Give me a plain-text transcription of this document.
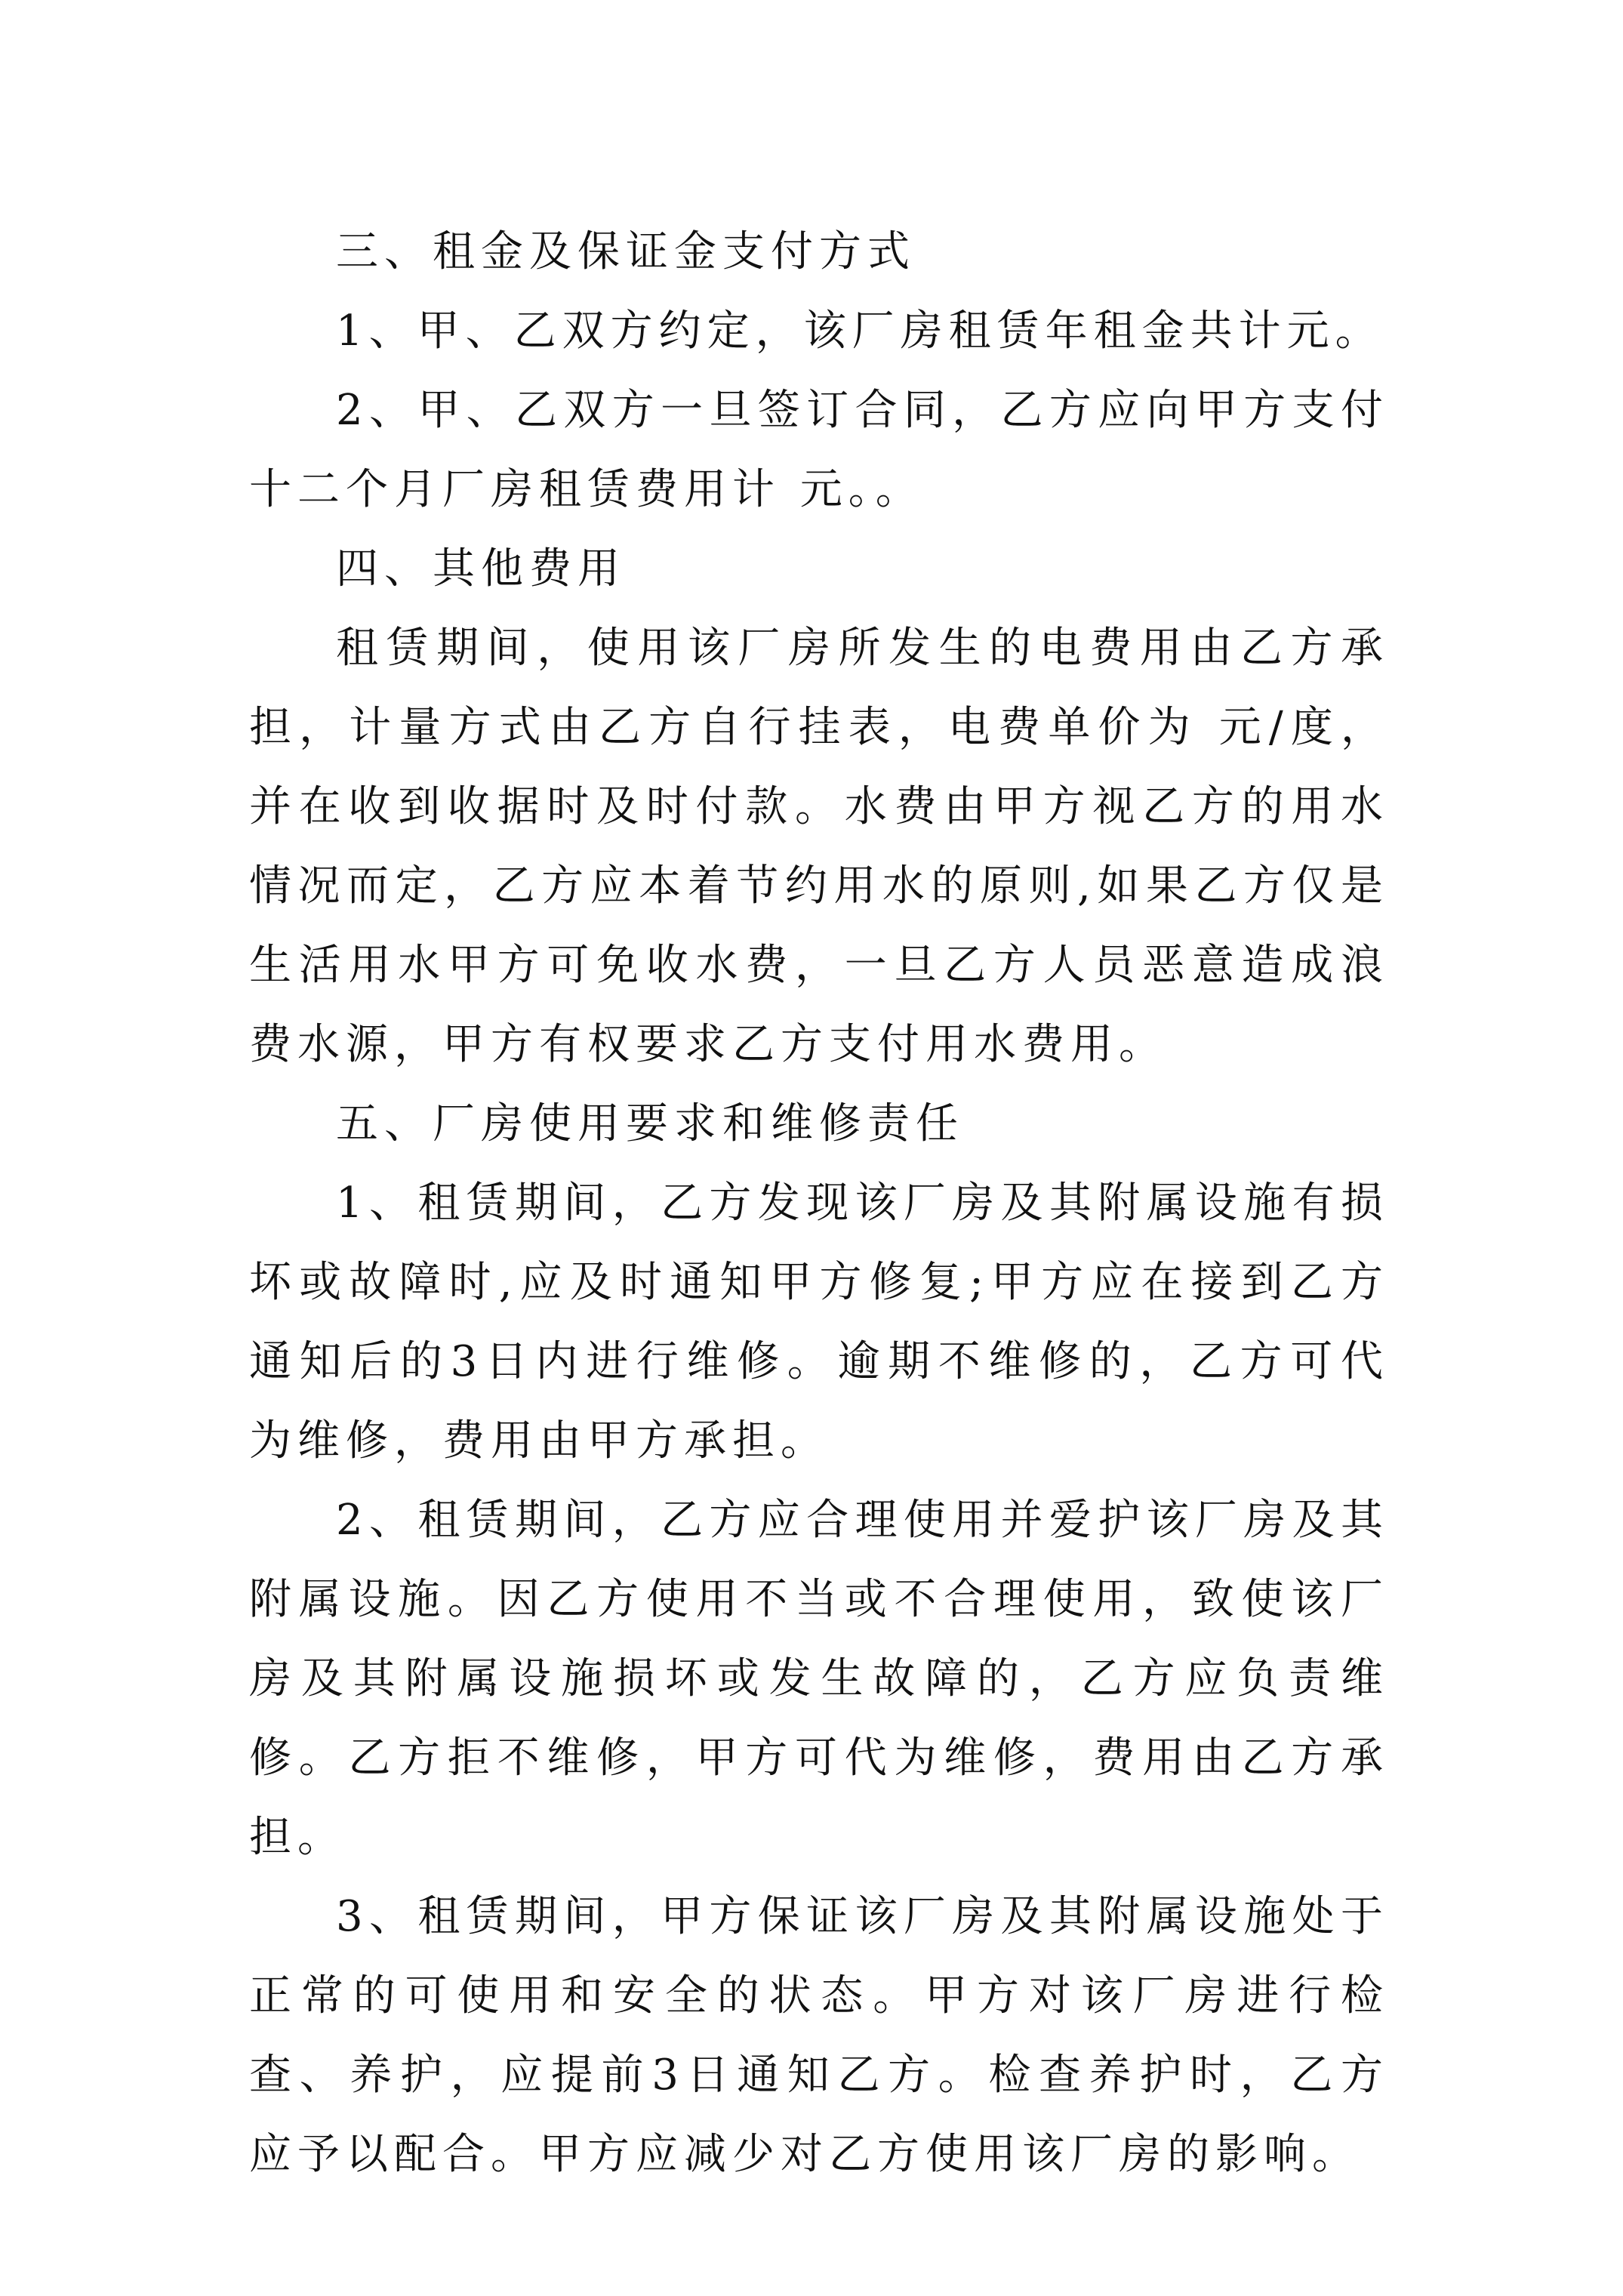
三、租金及保证金支付方式

1、甲、乙双方约定，该厂房租赁年租金共计元。

2、甲、乙双方一旦签订合同，乙方应向甲方支付十二个月厂房租赁费用计 元。。

四、其他费用

租赁期间，使用该厂房所发生的电费用由乙方承担，计量方式由乙方自行挂表，电费单价为 元/度，并在收到收据时及时付款。水费由甲方视乙方的用水情况而定，乙方应本着节约用水的原则,如果乙方仅是生活用水甲方可免收水费，一旦乙方人员恶意造成浪费水源，甲方有权要求乙方支付用水费用。

五、厂房使用要求和维修责任

1、租赁期间，乙方发现该厂房及其附属设施有损坏或故障时,应及时通知甲方修复;甲方应在接到乙方通知后的3日内进行维修。逾期不维修的，乙方可代为维修，费用由甲方承担。

2、租赁期间，乙方应合理使用并爱护该厂房及其附属设施。因乙方使用不当或不合理使用，致使该厂房及其附属设施损坏或发生故障的，乙方应负责维修。乙方拒不维修，甲方可代为维修，费用由乙方承担。

3、租赁期间，甲方保证该厂房及其附属设施处于正常的可使用和安全的状态。甲方对该厂房进行检查、养护，应提前3日通知乙方。检查养护时，乙方应予以配合。甲方应减少对乙方使用该厂房的影响。
